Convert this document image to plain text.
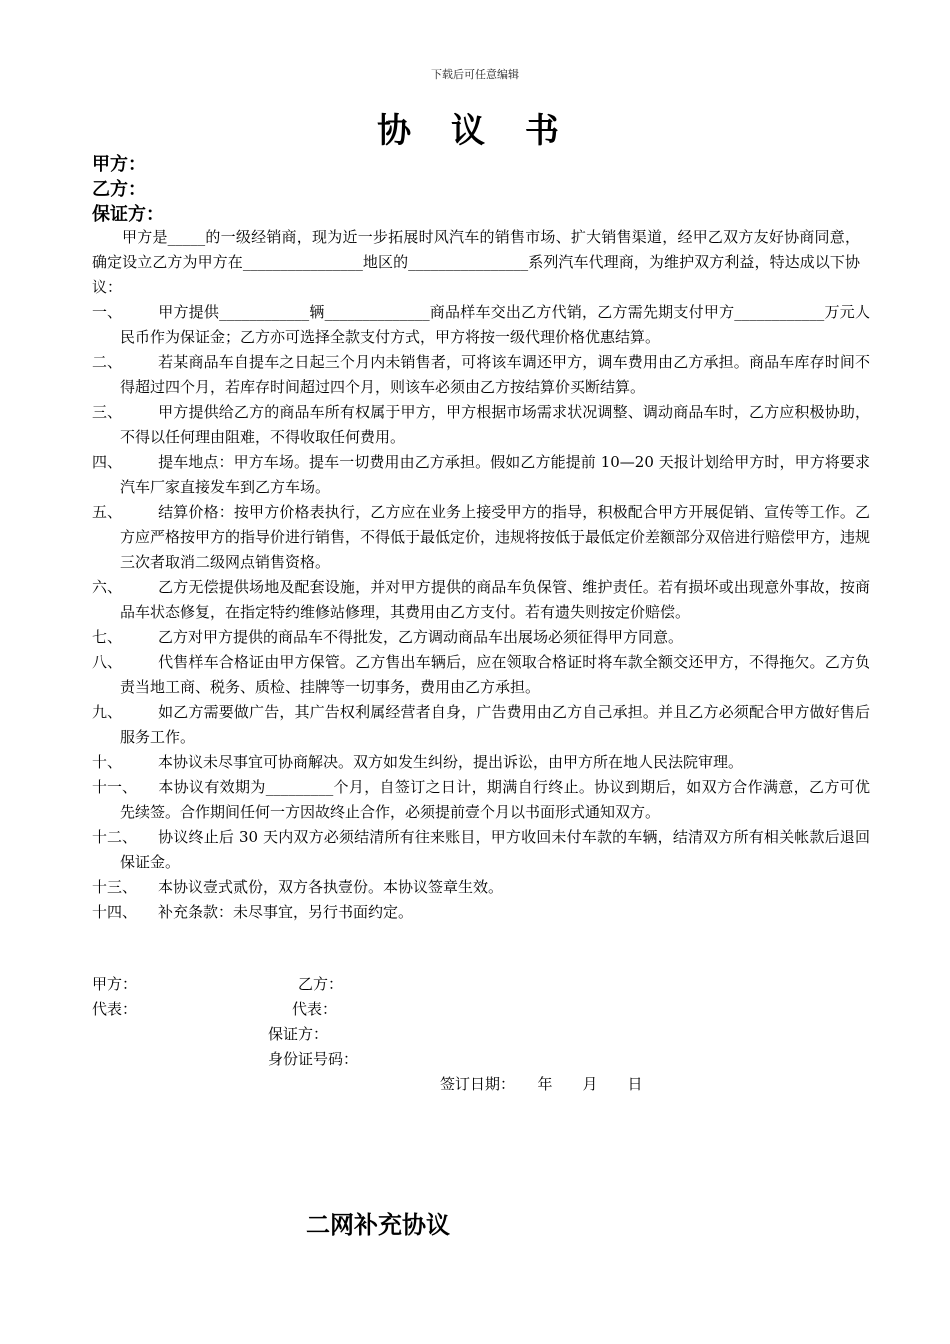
下载后可任意编辑
协 议 书
甲方：
乙方：
保证方：
甲方是_____的一级经销商，现为近一步拓展时风汽车的销售市场、扩大销售渠道，经甲乙双方友好协商同意，确定设立乙方为甲方在________________地区的________________系列汽车代理商，为维护双方利益，特达成以下协议：
一、	甲方提供____________辆______________商品样车交出乙方代销，乙方需先期支付甲方____________万元人民币作为保证金；乙方亦可选择全款支付方式，甲方将按一级代理价格优惠结算。
二、	若某商品车自提车之日起三个月内未销售者，可将该车调还甲方，调车费用由乙方承担。商品车库存时间不得超过四个月，若库存时间超过四个月，则该车必须由乙方按结算价买断结算。
三、	甲方提供给乙方的商品车所有权属于甲方，甲方根据市场需求状况调整、调动商品车时，乙方应积极协助，不得以任何理由阻难，不得收取任何费用。
四、	提车地点：甲方车场。提车一切费用由乙方承担。假如乙方能提前 10—20 天报计划给甲方时，甲方将要求汽车厂家直接发车到乙方车场。
五、	结算价格：按甲方价格表执行，乙方应在业务上接受甲方的指导，积极配合甲方开展促销、宣传等工作。乙方应严格按甲方的指导价进行销售，不得低于最低定价，违规将按低于最低定价差额部分双倍进行赔偿甲方，违规三次者取消二级网点销售资格。
六、	乙方无偿提供场地及配套设施，并对甲方提供的商品车负保管、维护责任。若有损坏或出现意外事故，按商品车状态修复，在指定特约维修站修理，其费用由乙方支付。若有遗失则按定价赔偿。
七、	乙方对甲方提供的商品车不得批发，乙方调动商品车出展场必须征得甲方同意。
八、	代售样车合格证由甲方保管。乙方售出车辆后，应在领取合格证时将车款全额交还甲方，不得拖欠。乙方负责当地工商、税务、质检、挂牌等一切事务，费用由乙方承担。
九、	如乙方需要做广告，其广告权利属经营者自身，广告费用由乙方自己承担。并且乙方必须配合甲方做好售后服务工作。
十、	本协议未尽事宜可协商解决。双方如发生纠纷，提出诉讼，由甲方所在地人民法院审理。
十一、	本协议有效期为_________个月，自签订之日计，期满自行终止。协议到期后，如双方合作满意，乙方可优先续签。合作期间任何一方因故终止合作，必须提前壹个月以书面形式通知双方。
十二、	协议终止后 30 天内双方必须结清所有往来账目，甲方收回未付车款的车辆，结清双方所有相关帐款后退回保证金。
十三、	本协议壹式贰份，双方各执壹份。本协议签章生效。
十四、	补充条款：未尽事宜，另行书面约定。
甲方：	乙方：
代表：	代表：
保证方：
身份证号码：
签订日期：　　年　　月　　日
二网补充协议
